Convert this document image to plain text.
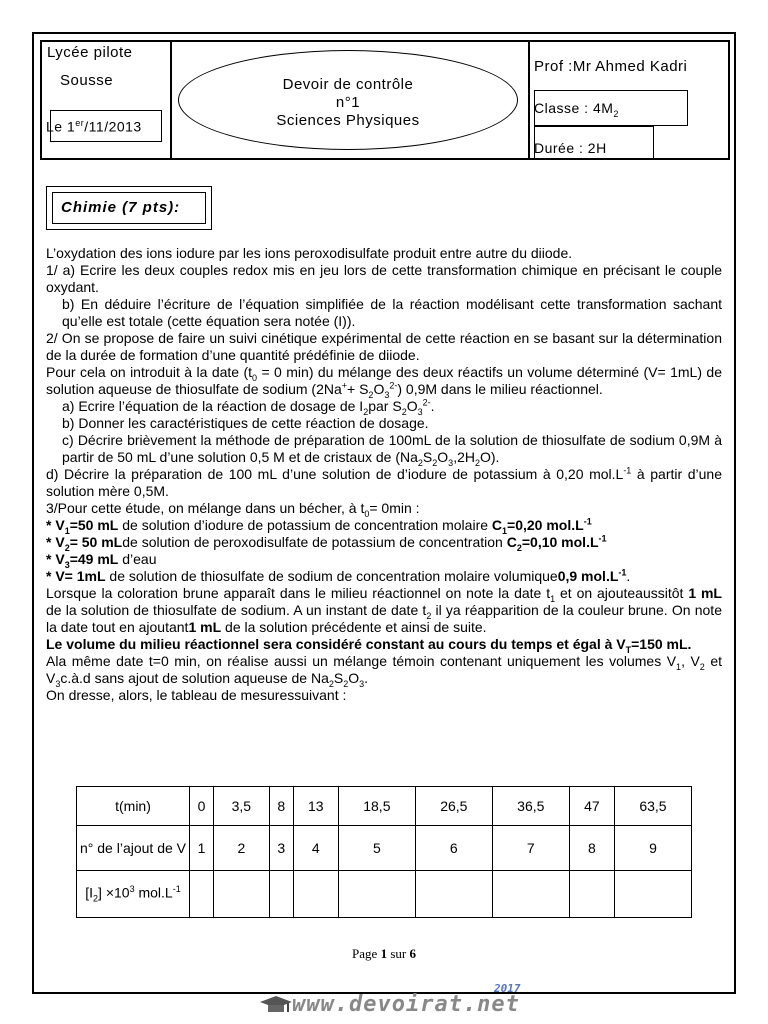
Lycée pilote
Sousse
Le 1er/11/2013
Devoir de contrôle
n°1
Sciences Physiques
Prof :Mr Ahmed Kadri
Classe : $4M_2$
Durée : 2H
Chimie (7 pts):

L’oxydation des ions iodure par les ions peroxodisulfate produit entre autre du diiode.

1/ a) Ecrire les deux couples redox mis en jeu lors de cette transformation chimique en précisant le couple oxydant.

b) En déduire l’écriture de l’équation simplifiée de la réaction modélisant cette transformation sachant qu’elle est totale (cette équation sera notée (I)).

2/ On se propose de faire un suivi cinétique expérimental de cette réaction en se basant sur la détermination de la durée de formation d’une quantité prédéfinie de diiode.

Pour cela on introduit à la date ($t_0 = 0$ min) du mélange des deux réactifs un volume déterminé (V= 1mL) de solution aqueuse de thiosulfate de sodium $(2Na^++ S_2O_3^{2-})$ 0,9M dans le milieu réactionnel.

a) Ecrire l’équation de la réaction de dosage de $I_2par$ $S_2O_3^{2-}$.

b) Donner les caractéristiques de cette réaction de dosage.

c) Décrire brièvement la méthode de préparation de 100mL de la solution de thiosulfate de sodium 0,9M à partir de 50 mL d’une solution 0,5 M et de cristaux de $(Na_2S_2O_3,2H_2O)$.

d) Décrire la préparation de 100 mL d’une solution de d’iodure de potassium à 0,20 $mol.L^{-1}$ à partir d’une solution mère 0,5M.

3/Pour cette étude, on mélange dans un bécher, à $t_0= 0\min$ :

* $V_1=50$ mL de solution d’iodure de potassium de concentration molaire $C_1=0,20$ $mol.L^{-1}$

* $V_2= 50$ mLde solution de peroxodisulfate de potassium de concentration $C_2=0,10$ $mol.L^{-1}$

* $V_3=49$ mL d’eau

* V= 1mL de solution de thiosulfate de sodium de concentration molaire volumique0,9 $mol.L^{-1}$.

Lorsque la coloration brune apparaît dans le milieu réactionnel on note la date $t_1$ et on ajouteaussitôt 1 mL de la solution de thiosulfate de sodium. A un instant de date $t_2$ il ya réapparition de la couleur brune. On note la date tout en ajoutant1 mL de la solution précédente et ainsi de suite.

Le volume du milieu réactionnel sera considéré constant au cours du temps et égal à $V_T=150$ mL.

Ala même date t=0 min, on réalise aussi un mélange témoin contenant uniquement les volumes $V_1$, $V_2$ et $V_3c.à.d$ sans ajout de solution aqueuse de $Na_2S_2O_3$.

On dresse, alors, le tableau de mesuressuivant :

t(min)	0	3,5	8	13	18,5	26,5	36,5	47	63,5
n° de l’ajout de V	1	2	3	4	5	6	7	8	9
$[I_2] \times 10^3$ $mol.L^{-1}$									
Page 1 sur 6
www.devoirat.net
2017
